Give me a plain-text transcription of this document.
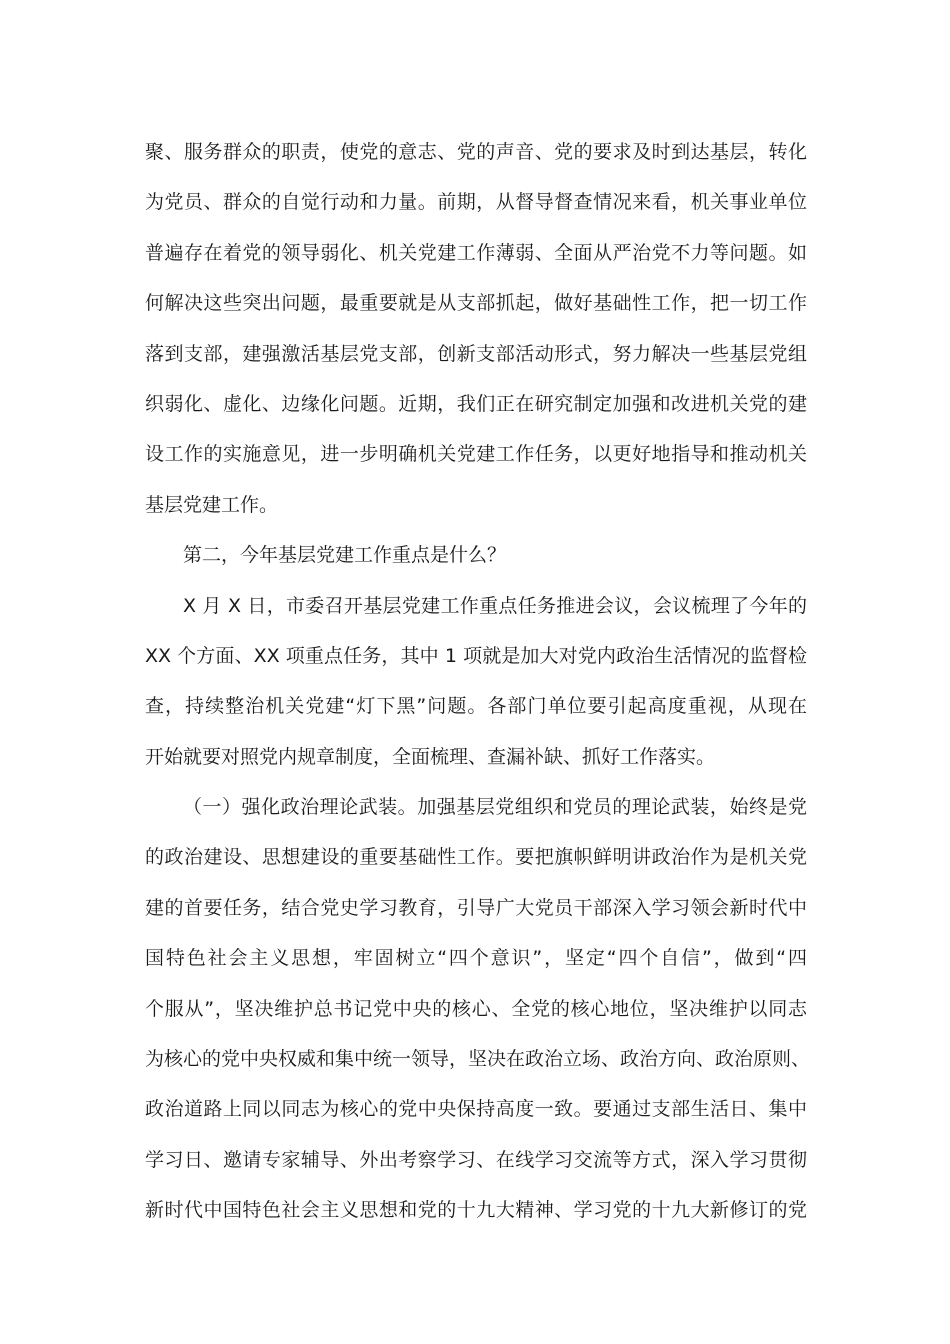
聚、服务群众的职责，使党的意志、党的声音、党的要求及时到达基层，转化
为党员、群众的自觉行动和力量。前期，从督导督查情况来看，机关事业单位
普遍存在着党的领导弱化、机关党建工作薄弱、全面从严治党不力等问题。如
何解决这些突出问题，最重要就是从支部抓起，做好基础性工作，把一切工作
落到支部，建强激活基层党支部，创新支部活动形式，努力解决一些基层党组
织弱化、虚化、边缘化问题。近期，我们正在研究制定加强和改进机关党的建
设工作的实施意见，进一步明确机关党建工作任务，以更好地指导和推动机关
基层党建工作。
第二，今年基层党建工作重点是什么？
X 月 X 日，市委召开基层党建工作重点任务推进会议，会议梳理了今年的
XX 个方面、XX 项重点任务，其中 1 项就是加大对党内政治生活情况的监督检
查，持续整治机关党建“灯下黑”问题。各部门单位要引起高度重视，从现在
开始就要对照党内规章制度，全面梳理、查漏补缺、抓好工作落实。
（一）强化政治理论武装。加强基层党组织和党员的理论武装，始终是党
的政治建设、思想建设的重要基础性工作。要把旗帜鲜明讲政治作为是机关党
建的首要任务，结合党史学习教育，引导广大党员干部深入学习领会新时代中
国特色社会主义思想，牢固树立“四个意识”，坚定“四个自信”，做到“四
个服从”，坚决维护总书记党中央的核心、全党的核心地位，坚决维护以同志
为核心的党中央权威和集中统一领导，坚决在政治立场、政治方向、政治原则、
政治道路上同以同志为核心的党中央保持高度一致。要通过支部生活日、集中
学习日、邀请专家辅导、外出考察学习、在线学习交流等方式，深入学习贯彻
新时代中国特色社会主义思想和党的十九大精神、学习党的十九大新修订的党
